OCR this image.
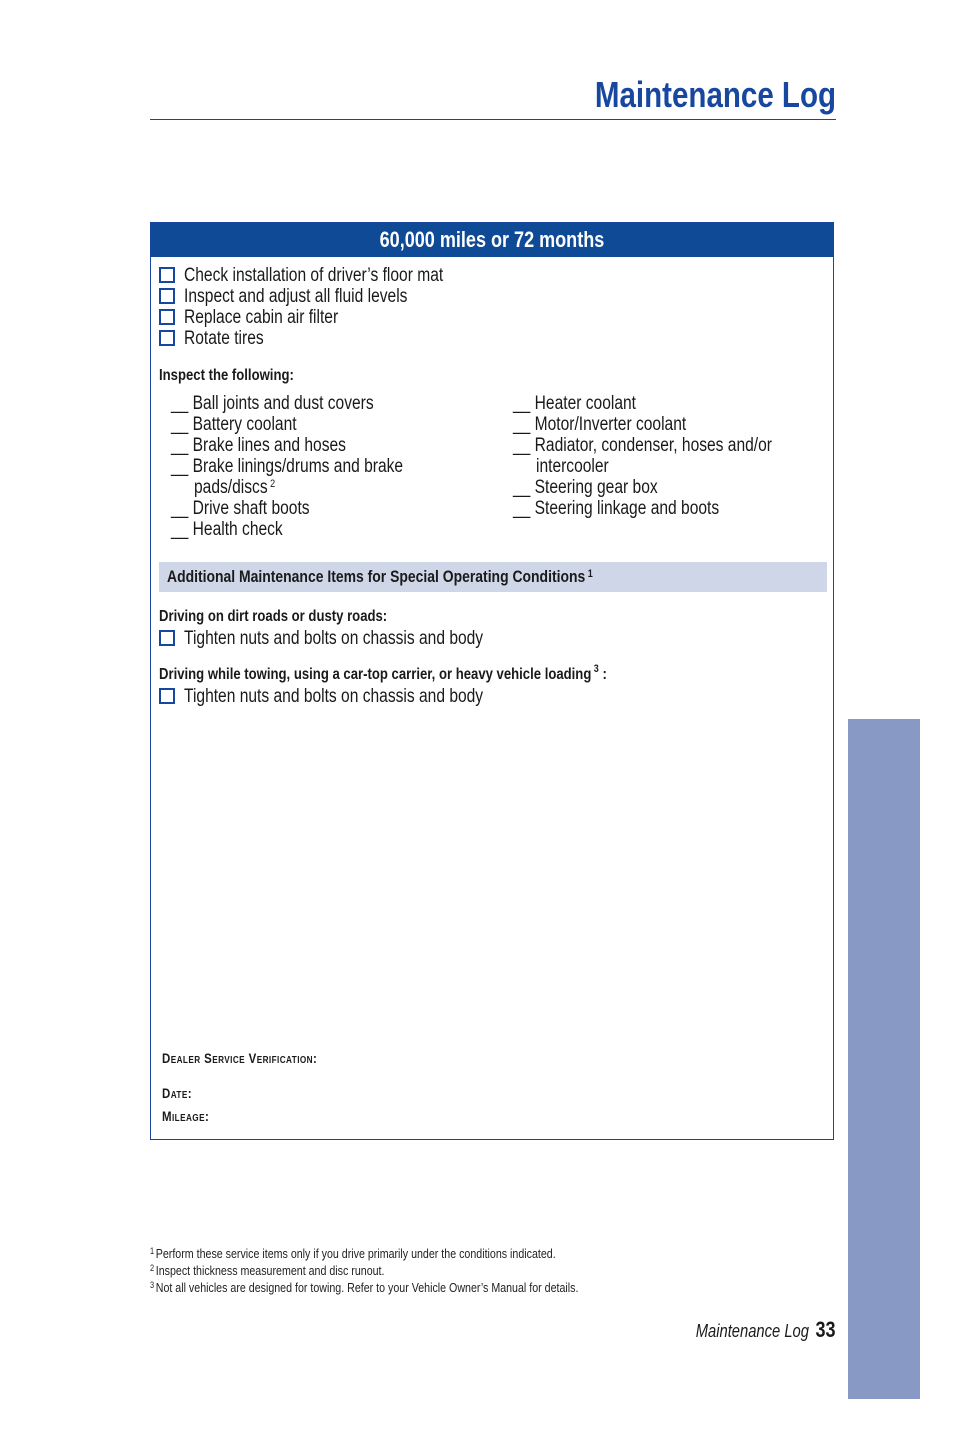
Maintenance Log
60,000 miles or 72 months
Check installation of driver’s floor mat
Inspect and adjust all fluid levels
Replace cabin air filter
Rotate tires
Inspect the following:
__ Ball joints and dust covers
__ Battery coolant
__ Brake lines and hoses
__ Brake linings/drums and brake
pads/discs $^2$
__ Drive shaft boots
__ Health check
__ Heater coolant
__ Motor/Inverter coolant
__ Radiator, condenser, hoses and/or
intercooler
__ Steering gear box
__ Steering linkage and boots
Additional Maintenance Items for Special Operating Conditions $^1$
Driving on dirt roads or dusty roads:
Tighten nuts and bolts on chassis and body
Driving while towing, using a car-top carrier, or heavy vehicle loading $^3$ :
Tighten nuts and bolts on chassis and body
Dealer Service Verification:
Date:
Mileage:
$^1$ Perform these service items only if you drive primarily under the conditions indicated.
$^2$ Inspect thickness measurement and disc runout.
$^3$ Not all vehicles are designed for towing. Refer to your Vehicle Owner’s Manual for details.
Maintenance Log 33
MAINTENANCE
